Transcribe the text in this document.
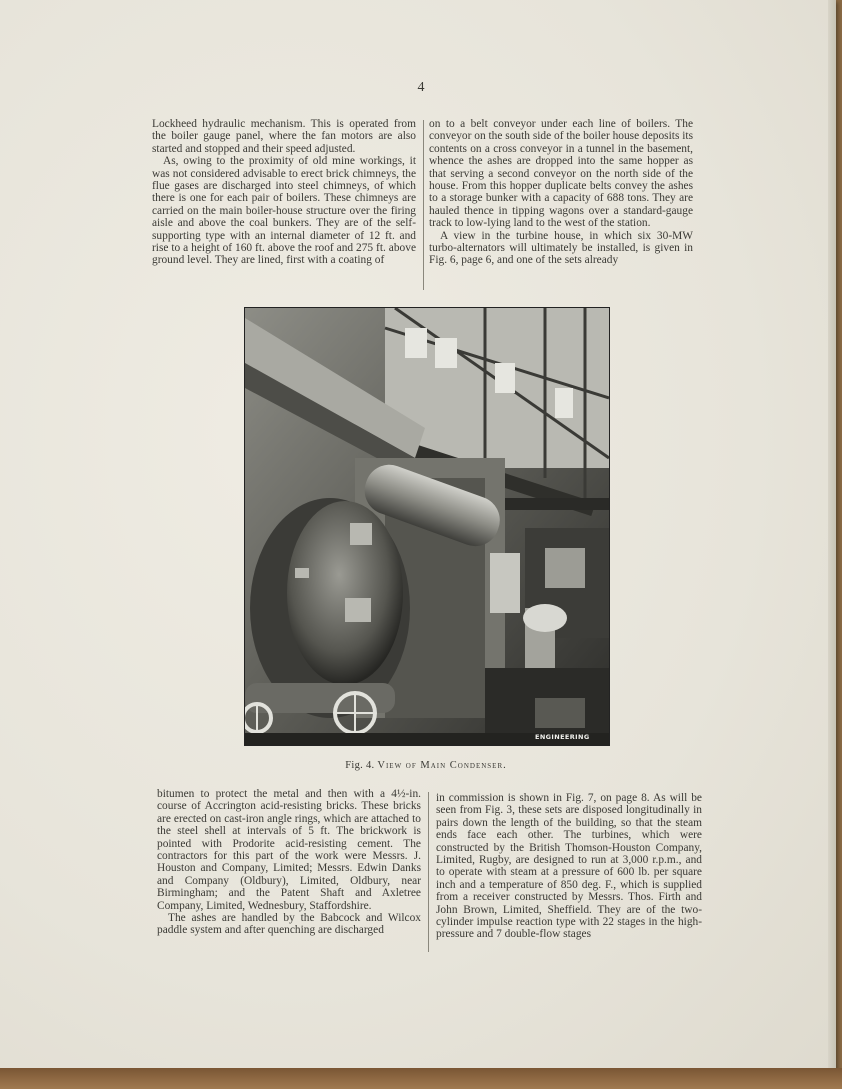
4

Lockheed hydraulic mechanism. This is operated from the boiler gauge panel, where the fan motors are also started and stopped and their speed adjusted.

As, owing to the proximity of old mine workings, it was not considered advisable to erect brick chimneys, the flue gases are discharged into steel chimneys, of which there is one for each pair of boilers. These chimneys are carried on the main boiler-house structure over the firing aisle and above the coal bunkers. They are of the self-supporting type with an internal diameter of 12 ft. and rise to a height of 160 ft. above the roof and 275 ft. above ground level. They are lined, first with a coating of

on to a belt conveyor under each line of boilers. The conveyor on the south side of the boiler house deposits its contents on a cross conveyor in a tunnel in the basement, whence the ashes are dropped into the same hopper as that serving a second conveyor on the north side of the house. From this hopper duplicate belts convey the ashes to a storage bunker with a capacity of 688 tons. They are hauled thence in tipping wagons over a standard-gauge track to low-lying land to the west of the station.

A view in the turbine house, in which six 30-MW turbo-alternators will ultimately be installed, is given in Fig. 6, page 6, and one of the sets already

ENGINEERING
Fig. 4. View of Main Condenser.

bitumen to protect the metal and then with a 4½-in. course of Accrington acid-resisting bricks. These bricks are erected on cast-iron angle rings, which are attached to the steel shell at intervals of 5 ft. The brickwork is pointed with Prodorite acid-resisting cement. The contractors for this part of the work were Messrs. J. Houston and Company, Limited; Messrs. Edwin Danks and Company (Oldbury), Limited, Oldbury, near Birmingham; and the Patent Shaft and Axletree Company, Limited, Wednesbury, Staffordshire.

The ashes are handled by the Babcock and Wilcox paddle system and after quenching are discharged

in commission is shown in Fig. 7, on page 8. As will be seen from Fig. 3, these sets are disposed longitudinally in pairs down the length of the building, so that the steam ends face each other. The turbines, which were constructed by the British Thomson-Houston Company, Limited, Rugby, are designed to run at 3,000 r.p.m., and to operate with steam at a pressure of 600 lb. per square inch and a temperature of 850 deg. F., which is supplied from a receiver constructed by Messrs. Thos. Firth and John Brown, Limited, Sheffield. They are of the two-cylinder impulse reaction type with 22 stages in the high-pressure and 7 double-flow stages
